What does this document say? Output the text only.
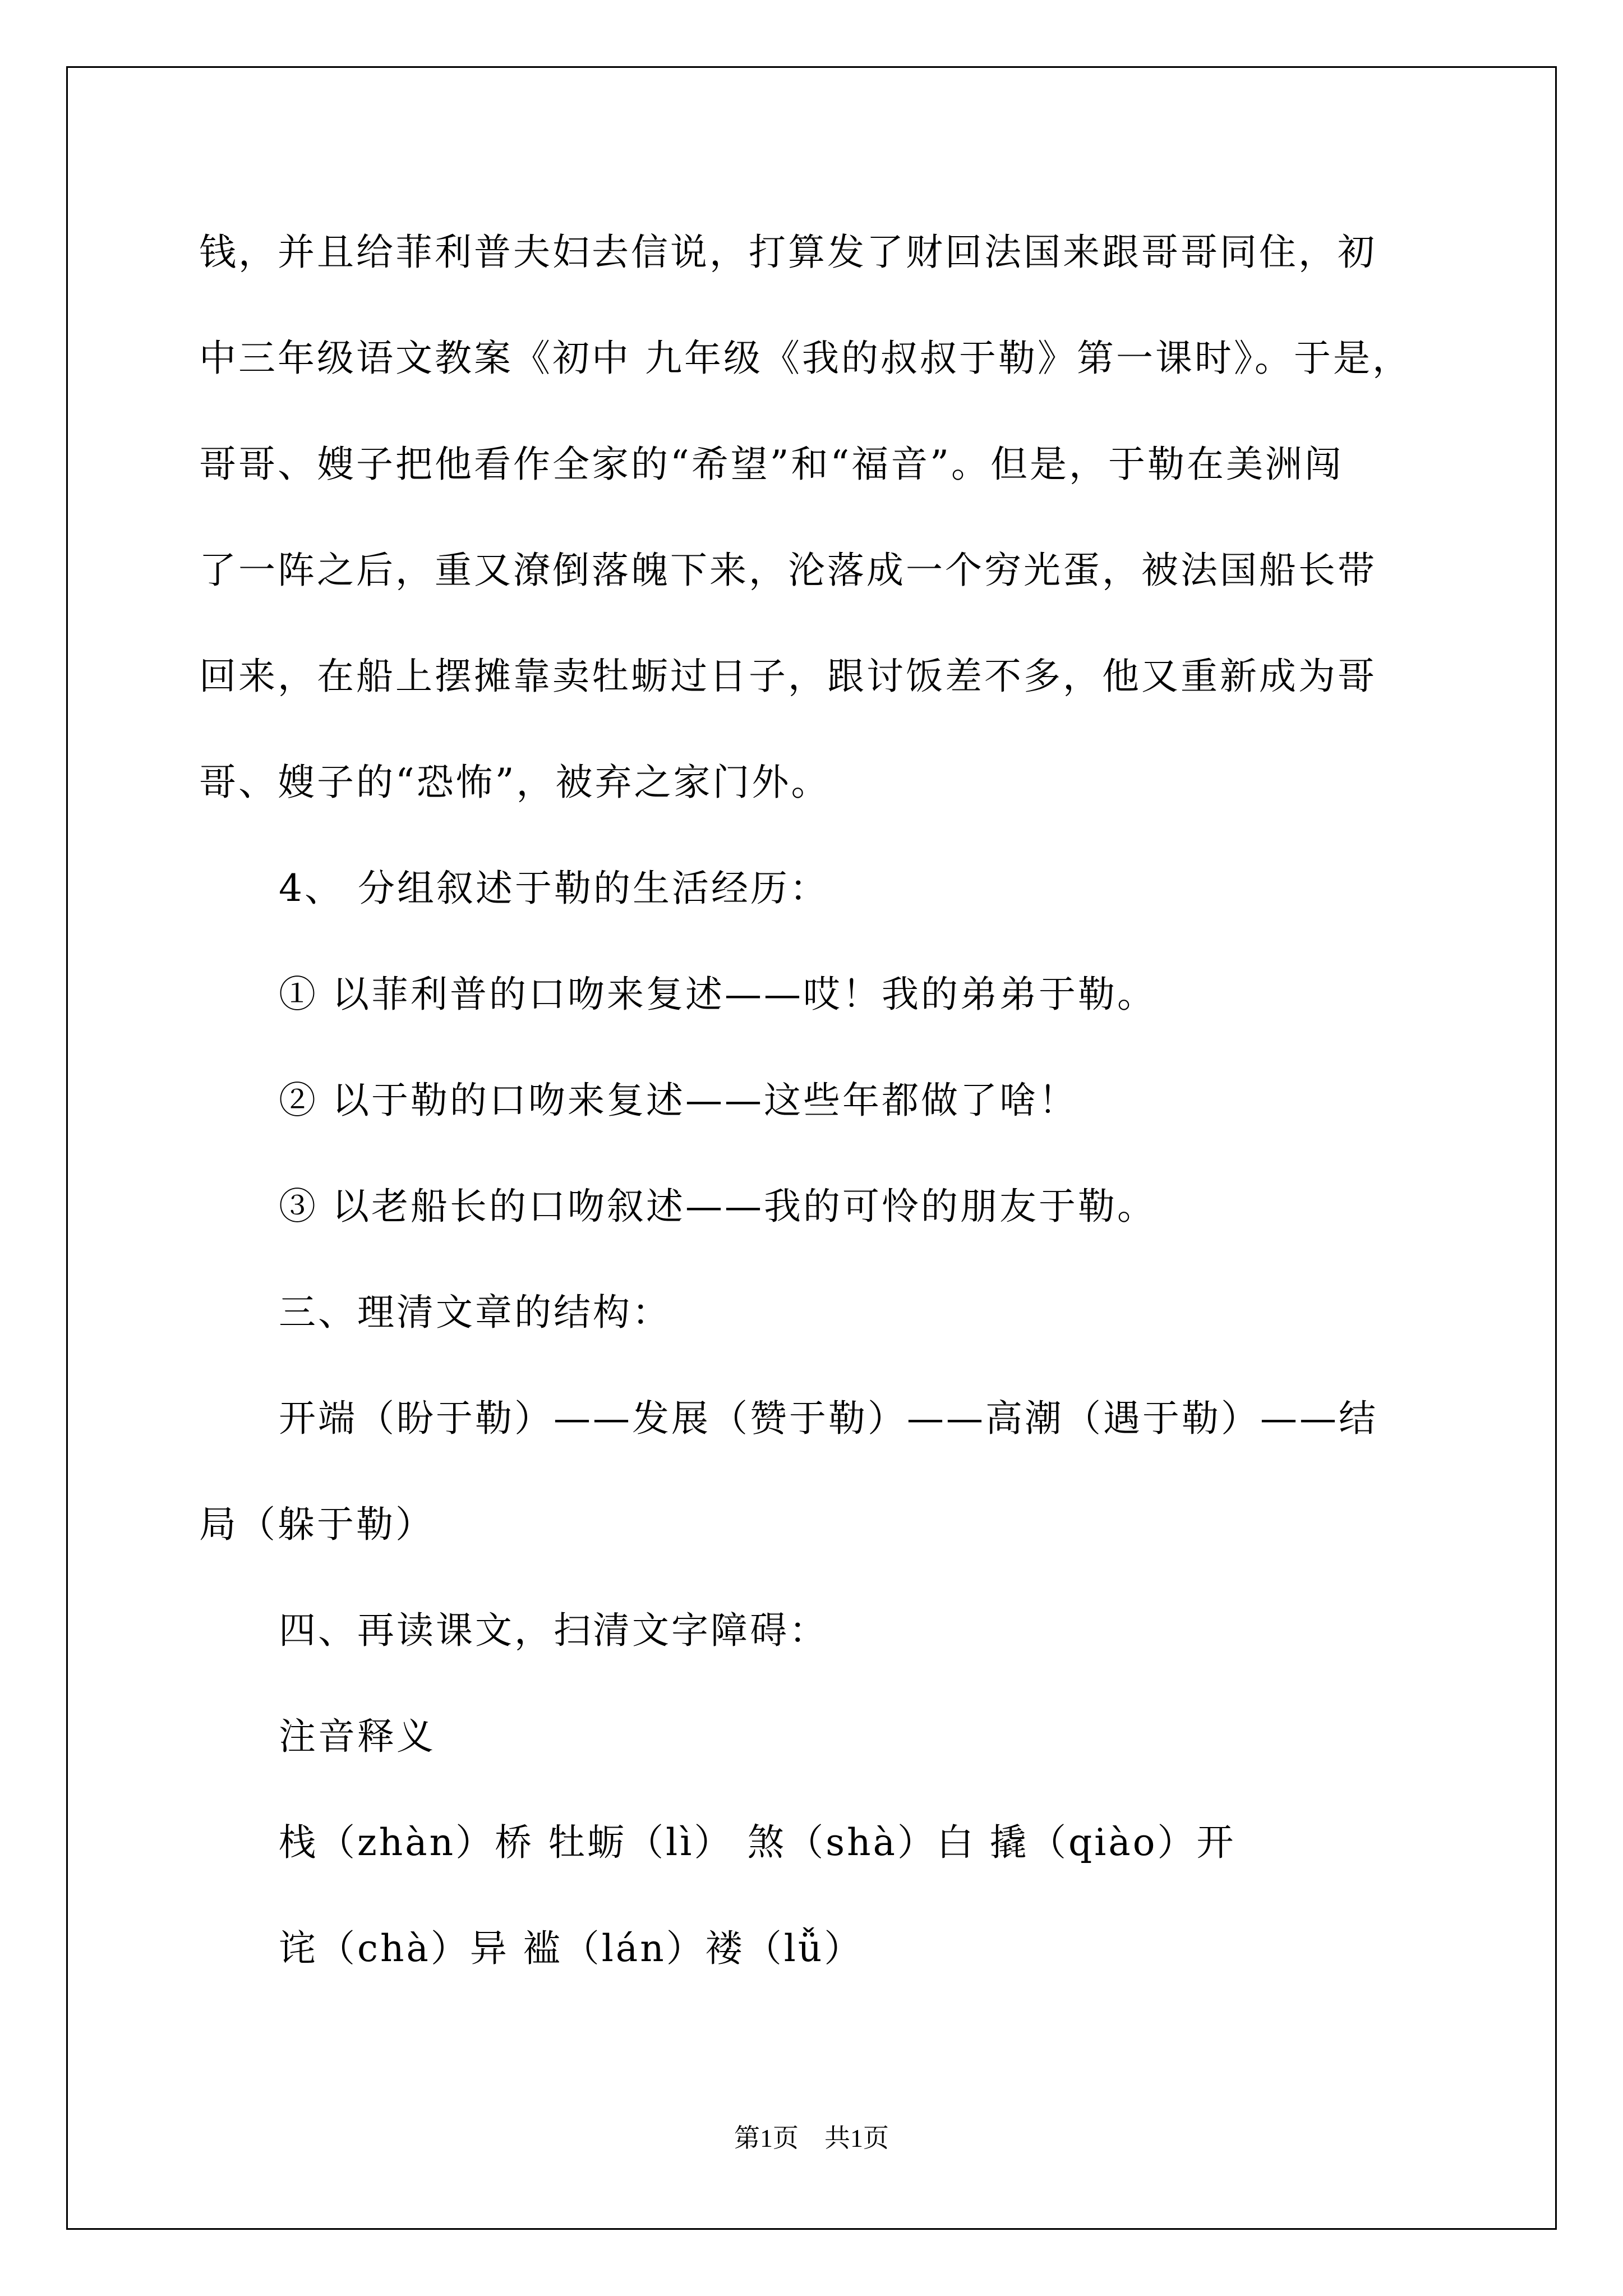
钱，并且给菲利普夫妇去信说，打算发了财回法国来跟哥哥同住，初
中三年级语文教案《初中 九年级《我的叔叔于勒》第一课时》。于是，
哥哥、嫂子把他看作全家的“希望”和“福音”。但是，于勒在美洲闯
了一阵之后，重又潦倒落魄下来，沦落成一个穷光蛋，被法国船长带
回来，在船上摆摊靠卖牡蛎过日子，跟讨饭差不多，他又重新成为哥
哥、嫂子的“恐怖”，被弃之家门外。
4、 分组叙述于勒的生活经历：
① 以菲利普的口吻来复述——哎！我的弟弟于勒。
② 以于勒的口吻来复述——这些年都做了啥！
③ 以老船长的口吻叙述——我的可怜的朋友于勒。
三、理清文章的结构：
开端（盼于勒）——发展（赞于勒）——高潮（遇于勒）——结
局（躲于勒）
四、再读课文，扫清文字障碍：
注音释义
栈（zhàn）桥 牡蛎（lì） 煞（shà）白 撬（qiào）开
诧（chà）异 褴（lán）褛（lǚ）
第1页　共1页
